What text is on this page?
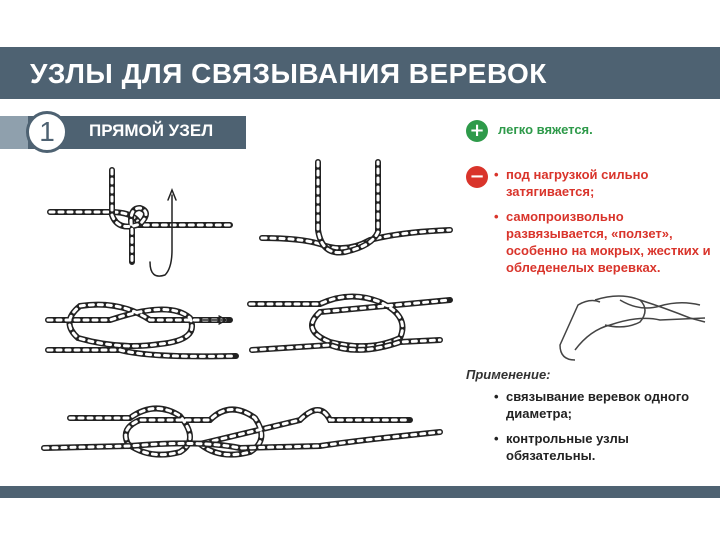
УЗЛЫ ДЛЯ СВЯЗЫВАНИЯ ВЕРЕВОК
1	ПРЯМОЙ УЗЕЛ	+ легко вяжется.
− • под нагрузкой сильно затягивается;
• самопроизвольно развязывается, «ползет», особенно на мокрых, жестких и обледенелых веревках.
Применение:
• связывание веревок одного диаметра;
• контрольные узлы обязательны.
